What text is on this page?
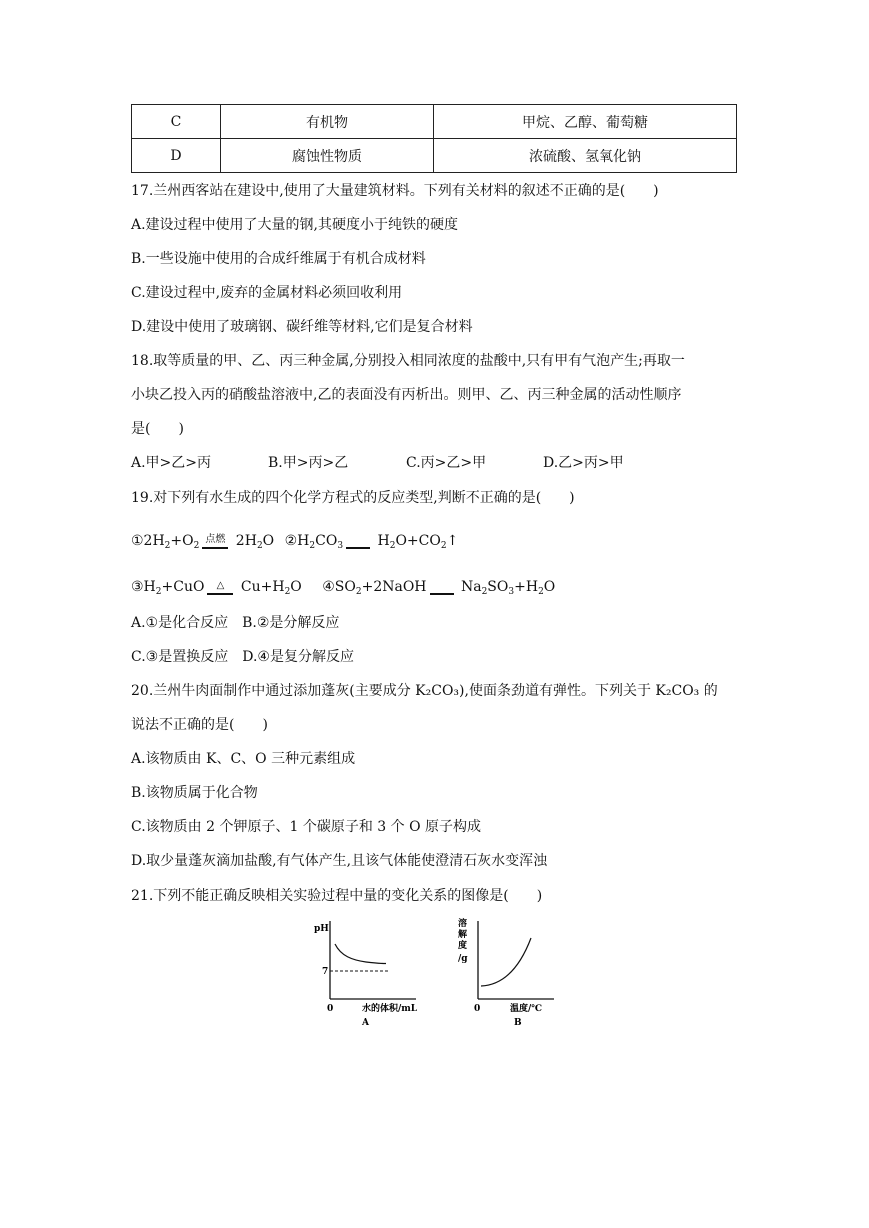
C	有机物	甲烷、乙醇、葡萄糖
D	腐蚀性物质	浓硫酸、氢氧化钠
17.兰州西客站在建设中,使用了大量建筑材料。下列有关材料的叙述不正确的是(　　)
A.建设过程中使用了大量的钢,其硬度小于纯铁的硬度
B.一些设施中使用的合成纤维属于有机合成材料
C.建设过程中,废弃的金属材料必须回收利用
D.建设中使用了玻璃钢、碳纤维等材料,它们是复合材料
18.取等质量的甲、乙、丙三种金属,分别投入相同浓度的盐酸中,只有甲有气泡产生;再取一
小块乙投入丙的硝酸盐溶液中,乙的表面没有丙析出。则甲、乙、丙三种金属的活动性顺序
是(　　)
A.甲>乙>丙	B.甲>丙>乙	C.丙>乙>甲	D.乙>丙>甲
19.对下列有水生成的四个化学方程式的反应类型,判断不正确的是(　　)
$①2H_2+O_2$
点燃 $2H_2O$ $②H_2CO_3$
$H_2O+CO_2↑$
$③H_2+CuO$	△ $Cu+H_2O$ $④SO_2+2NaOH$
$Na_2SO_3+H_2O$
A.①是化合反应　B.②是分解反应
C.③是置换反应　D.④是复分解反应
20.兰州牛肉面制作中通过添加蓬灰(主要成分 K₂CO₃),使面条劲道有弹性。下列关于 K₂CO₃ 的
说法不正确的是(　　)
A.该物质由 K、C、O 三种元素组成
B.该物质属于化合物
C.该物质由 2 个钾原子、1 个碳原子和 3 个 O 原子构成
D.取少量蓬灰滴加盐酸,有气体产生,且该气体能使澄清石灰水变浑浊
21.下列不能正确反映相关实验过程中量的变化关系的图像是(　　)
pH
7
0	水的体积/mL
A
溶
解
度
/g
0	温度/℃
B
